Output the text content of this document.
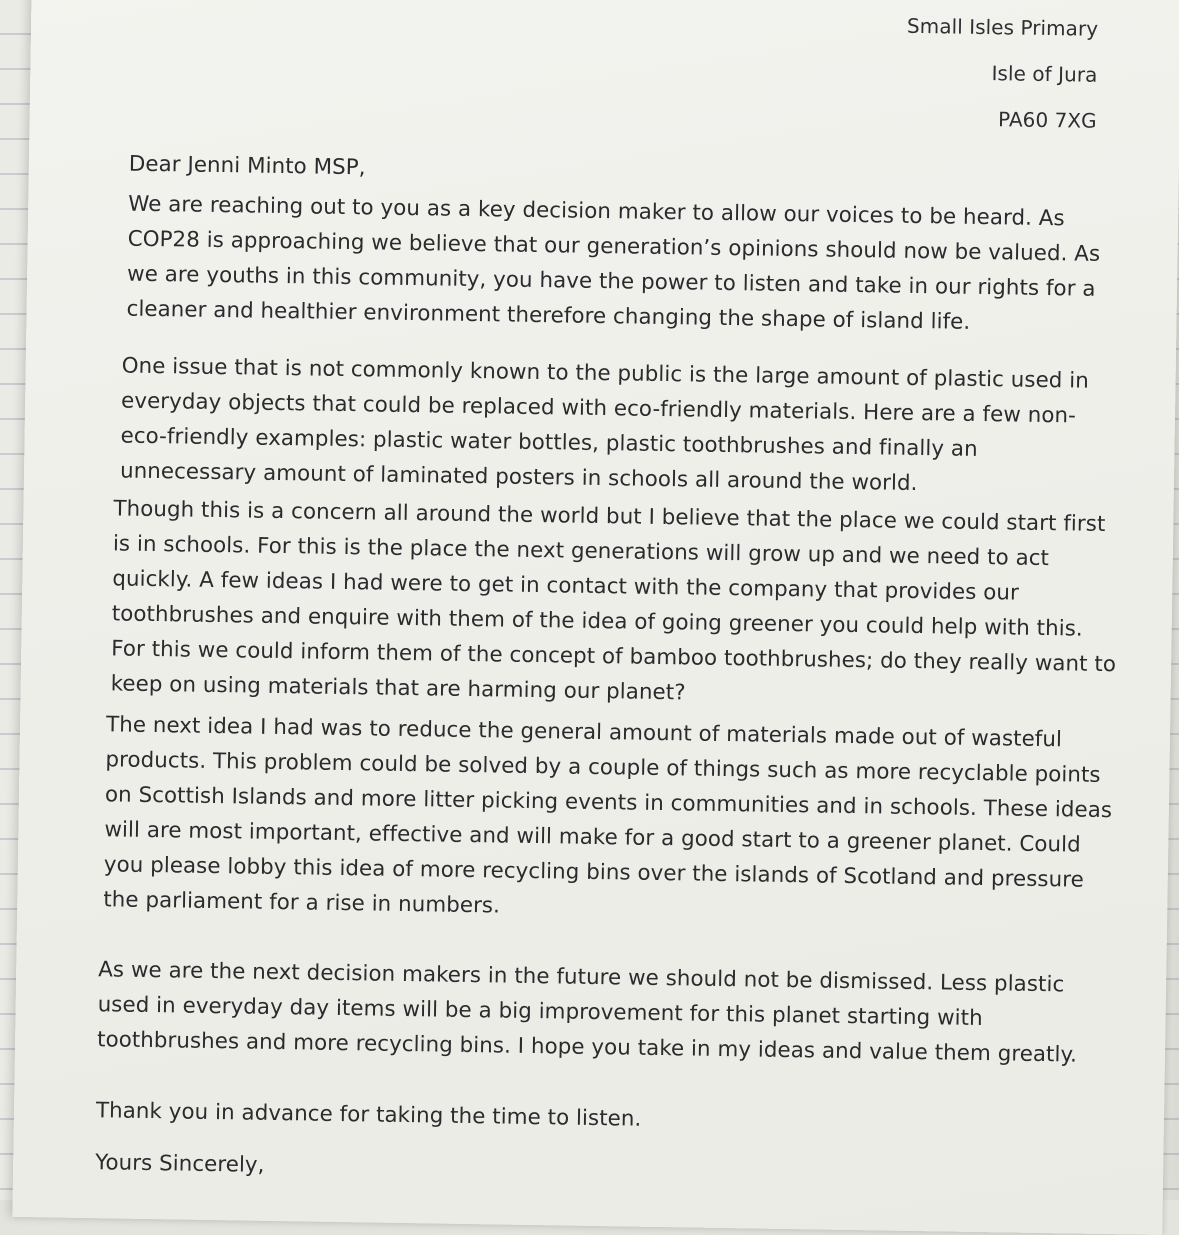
Small Isles Primary
Isle of Jura
PA60 7XG

Dear Jenni Minto MSP,

We are reaching out to you as a key decision maker to allow our voices to be heard. As COP28 is approaching we believe that our generation’s opinions should now be valued. As we are youths in this community, you have the power to listen and take in our rights for a cleaner and healthier environment therefore changing the shape of island life.

One issue that is not commonly known to the public is the large amount of plastic used in everyday objects that could be replaced with eco-friendly materials. Here are a few non-eco-friendly examples: plastic water bottles, plastic toothbrushes and finally an unnecessary amount of laminated posters in schools all around the world.

Though this is a concern all around the world but I believe that the place we could start first is in schools. For this is the place the next generations will grow up and we need to act quickly. A few ideas I had were to get in contact with the company that provides our toothbrushes and enquire with them of the idea of going greener you could help with this. For this we could inform them of the concept of bamboo toothbrushes; do they really want to keep on using materials that are harming our planet?

The next idea I had was to reduce the general amount of materials made out of wasteful products. This problem could be solved by a couple of things such as more recyclable points on Scottish Islands and more litter picking events in communities and in schools. These ideas will are most important, effective and will make for a good start to a greener planet. Could you please lobby this idea of more recycling bins over the islands of Scotland and pressure the parliament for a rise in numbers.

As we are the next decision makers in the future we should not be dismissed. Less plastic used in everyday day items will be a big improvement for this planet starting with toothbrushes and more recycling bins. I hope you take in my ideas and value them greatly.

Thank you in advance for taking the time to listen.

Yours Sincerely,
